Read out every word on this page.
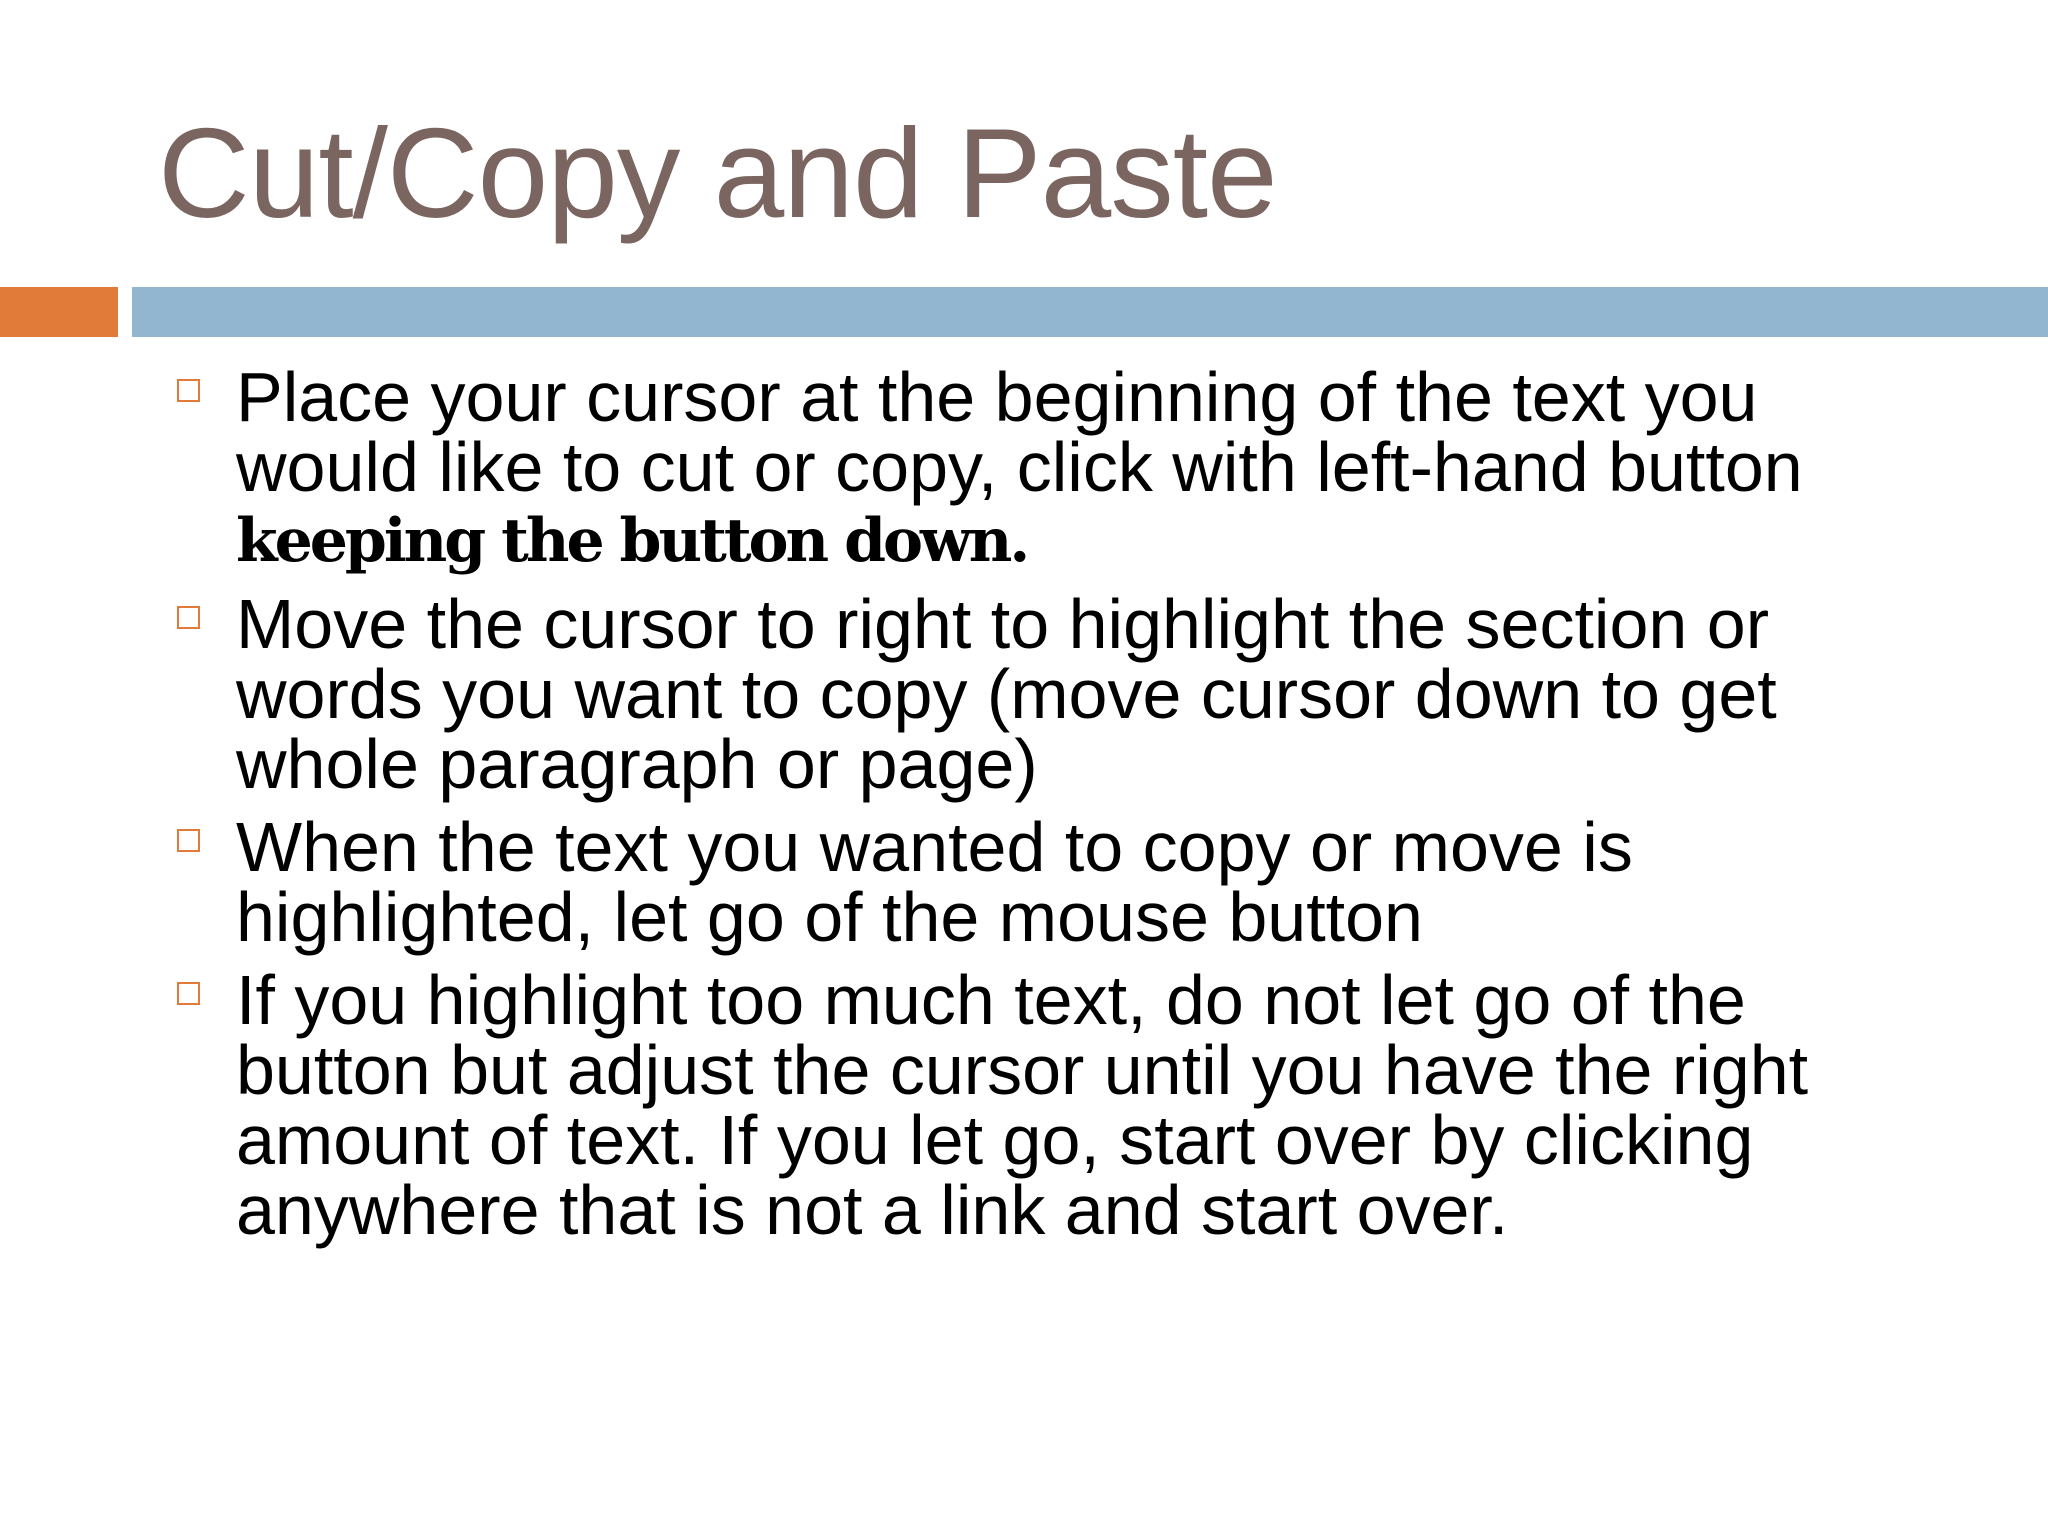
Cut/Copy and Paste
Place your cursor at the beginning of the text you would like to cut or copy, click with left-hand button keeping the button down.
Move the cursor to right to highlight the section or words you want to copy (move cursor down to get whole paragraph or page)
When the text you wanted to copy or move is highlighted, let go of the mouse button
If you highlight too much text, do not let go of the button but adjust the cursor until you have the right amount of text. If you let go, start over by clicking anywhere that is not a link and start over.
